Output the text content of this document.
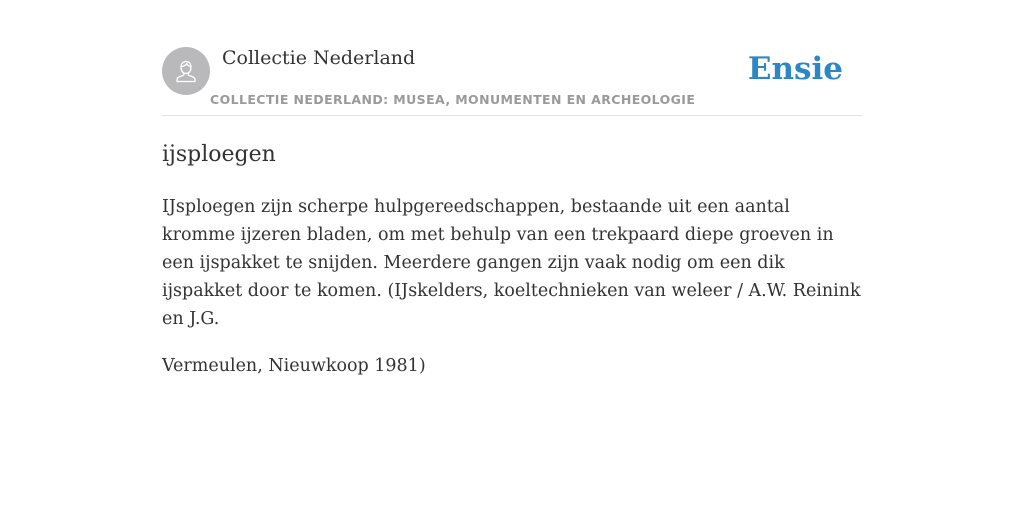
Collectie Nederland
COLLECTIE NEDERLAND: MUSEA, MONUMENTEN EN ARCHEOLOGIE
Ensie
ijsploegen

IJsploegen zijn scherpe hulpgereedschappen, bestaande uit een aantal kromme ijzeren bladen, om met behulp van een trekpaard diepe groeven in een ijspakket te snijden. Meerdere gangen zijn vaak nodig om een dik ijspakket door te komen. (IJskelders, koeltechnieken van weleer / A.W. Reinink en J.G.

Vermeulen, Nieuwkoop 1981)
